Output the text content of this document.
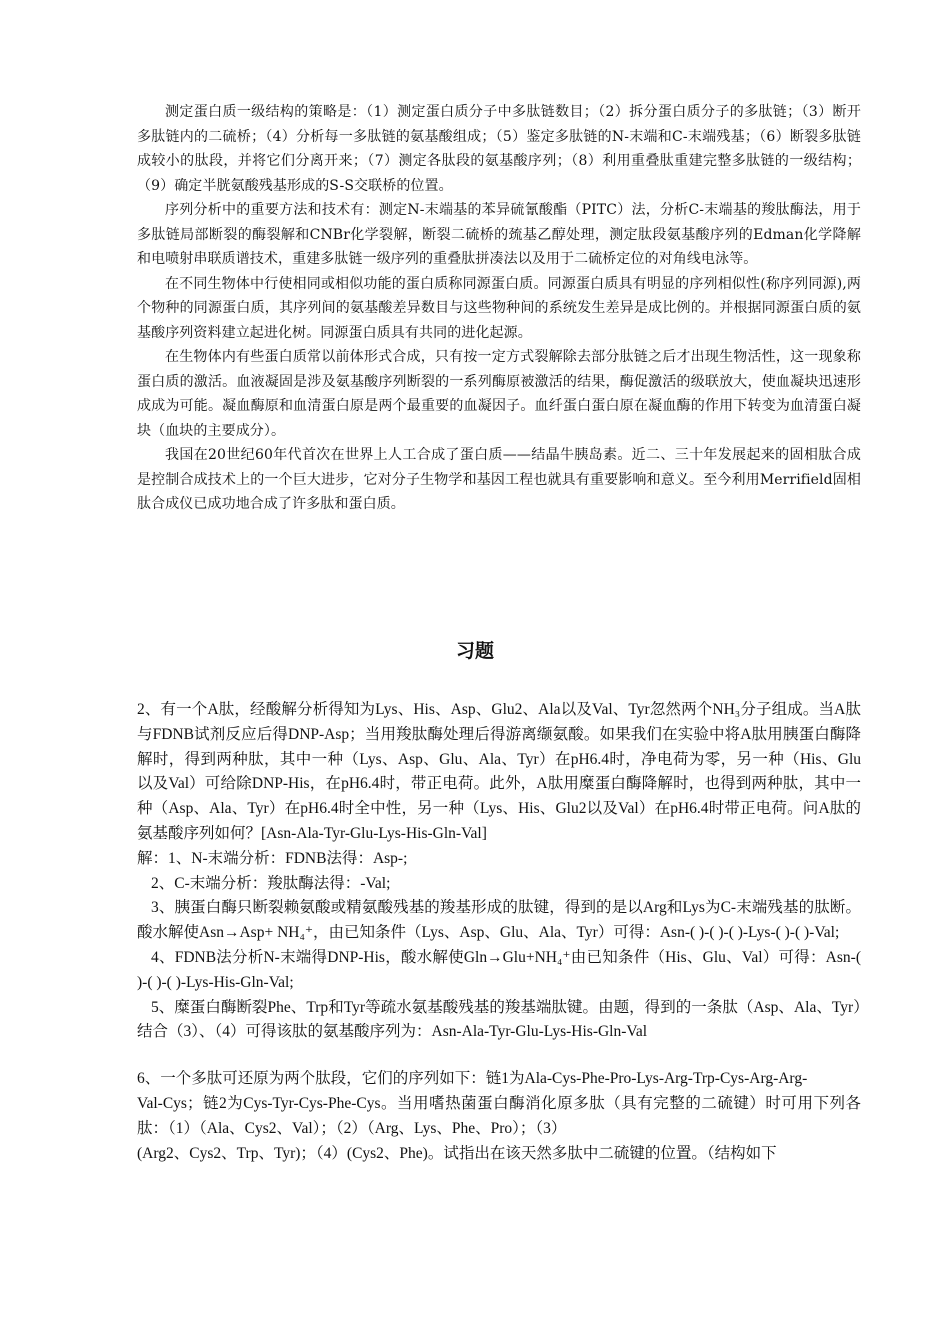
测定蛋白质一级结构的策略是：（1）测定蛋白质分子中多肽链数目；（2）拆分蛋白质分子的多肽链；（3）断开多肽链内的二硫桥；（4）分析每一多肽链的氨基酸组成；（5）鉴定多肽链的N-末端和C-末端残基；（6）断裂多肽链成较小的肽段，并将它们分离开来；（7）测定各肽段的氨基酸序列；（8）利用重叠肽重建完整多肽链的一级结构；（9）确定半胱氨酸残基形成的S-S交联桥的位置。

序列分析中的重要方法和技术有：测定N-末端基的苯异硫氰酸酯（PITC）法，分析C-末端基的羧肽酶法，用于多肽链局部断裂的酶裂解和CNBr化学裂解，断裂二硫桥的巯基乙醇处理，测定肽段氨基酸序列的Edman化学降解和电喷射串联质谱技术，重建多肽链一级序列的重叠肽拼凑法以及用于二硫桥定位的对角线电泳等。

在不同生物体中行使相同或相似功能的蛋白质称同源蛋白质。同源蛋白质具有明显的序列相似性(称序列同源),两个物种的同源蛋白质，其序列间的氨基酸差异数目与这些物种间的系统发生差异是成比例的。并根据同源蛋白质的氨基酸序列资料建立起进化树。同源蛋白质具有共同的进化起源。

在生物体内有些蛋白质常以前体形式合成，只有按一定方式裂解除去部分肽链之后才出现生物活性，这一现象称蛋白质的激活。血液凝固是涉及氨基酸序列断裂的一系列酶原被激活的结果，酶促激活的级联放大，使血凝块迅速形成成为可能。凝血酶原和血清蛋白原是两个最重要的血凝因子。血纤蛋白蛋白原在凝血酶的作用下转变为血清蛋白凝块（血块的主要成分）。

我国在20世纪60年代首次在世界上人工合成了蛋白质——结晶牛胰岛素。近二、三十年发展起来的固相肽合成是控制合成技术上的一个巨大进步，它对分子生物学和基因工程也就具有重要影响和意义。至今利用Merrifield固相肽合成仪已成功地合成了许多肽和蛋白质。

习题

2、有一个A肽，经酸解分析得知为Lys、His、Asp、Glu2、Ala以及Val、Tyr忽然两个NH₃分子组成。当A肽与FDNB试剂反应后得DNP-Asp；当用羧肽酶处理后得游离缬氨酸。如果我们在实验中将A肽用胰蛋白酶降解时，得到两种肽，其中一种（Lys、Asp、Glu、Ala、Tyr）在pH6.4时，净电荷为零，另一种（His、Glu以及Val）可给除DNP-His，在pH6.4时，带正电荷。此外，A肽用糜蛋白酶降解时，也得到两种肽，其中一种（Asp、Ala、Tyr）在pH6.4时全中性，另一种（Lys、His、Glu2以及Val）在pH6.4时带正电荷。问A肽的氨基酸序列如何？[Asn-Ala-Tyr-Glu-Lys-His-Gln-Val]

解：1、N-末端分析：FDNB法得：Asp-;

2、C-末端分析：羧肽酶法得：-Val;

3、胰蛋白酶只断裂赖氨酸或精氨酸残基的羧基形成的肽键，得到的是以Arg和Lys为C-末端残基的肽断。酸水解使Asn→Asp+ NH₄⁺，由已知条件（Lys、Asp、Glu、Ala、Tyr）可得：Asn-( )-( )-( )-Lys-( )-( )-Val;

4、FDNB法分析N-末端得DNP-His，酸水解使Gln→Glu+NH₄⁺由已知条件（His、Glu、Val）可得：Asn-( )-( )-( )-Lys-His-Gln-Val;

5、糜蛋白酶断裂Phe、Trp和Tyr等疏水氨基酸残基的羧基端肽键。由题，得到的一条肽（Asp、Ala、Tyr）结合（3）、（4）可得该肽的氨基酸序列为：Asn-Ala-Tyr-Glu-Lys-His-Gln-Val

6、一个多肽可还原为两个肽段，它们的序列如下：链1为Ala-Cys-Phe-Pro-Lys-Arg-Trp-Cys-Arg-Arg-

Val-Cys；链2为Cys-Tyr-Cys-Phe-Cys。当用嗜热菌蛋白酶消化原多肽（具有完整的二硫键）时可用下列各肽：（1）（Ala、Cys2、Val）；（2）（Arg、Lys、Phe、Pro）；（3）

(Arg2、Cys2、Trp、Tyr)；（4）(Cys2、Phe)。试指出在该天然多肽中二硫键的位置。（结构如下
